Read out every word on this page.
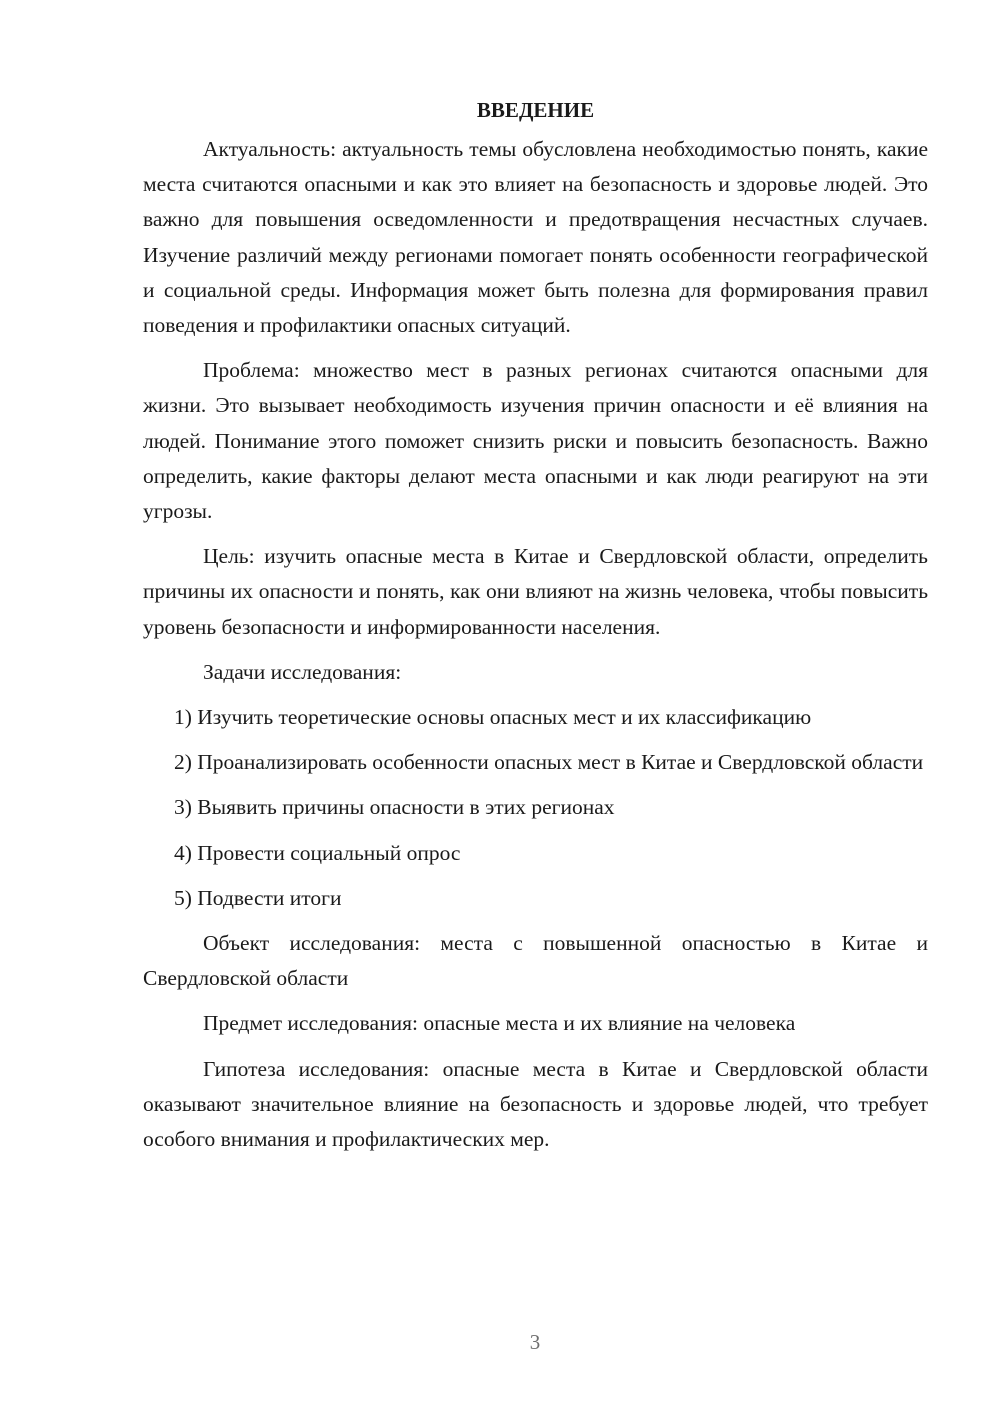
ВВЕДЕНИЕ

Актуальность: актуальность темы обусловлена необходимостью понять, какие места считаются опасными и как это влияет на безопасность и здоровье людей. Это важно для повышения осведомленности и предотвращения несчастных случаев. Изучение различий между регионами помогает понять особенности географической и социальной среды. Информация может быть полезна для формирования правил поведения и профилактики опасных ситуаций.

Проблема: множество мест в разных регионах считаются опасными для жизни. Это вызывает необходимость изучения причин опасности и её влияния на людей. Понимание этого поможет снизить риски и повысить безопасность. Важно определить, какие факторы делают места опасными и как люди реагируют на эти угрозы.

Цель: изучить опасные места в Китае и Свердловской области, определить причины их опасности и понять, как они влияют на жизнь человека, чтобы повысить уровень безопасности и информированности населения.

Задачи исследования:

1) Изучить теоретические основы опасных мест и их классификацию

2) Проанализировать особенности опасных мест в Китае и Свердловской области

3) Выявить причины опасности в этих регионах

4) Провести социальный опрос

5) Подвести итоги

Объект исследования: места с повышенной опасностью в Китае и Свердловской области

Предмет исследования: опасные места и их влияние на человека

Гипотеза исследования: опасные места в Китае и Свердловской области оказывают значительное влияние на безопасность и здоровье людей, что требует особого внимания и профилактических мер.

3
